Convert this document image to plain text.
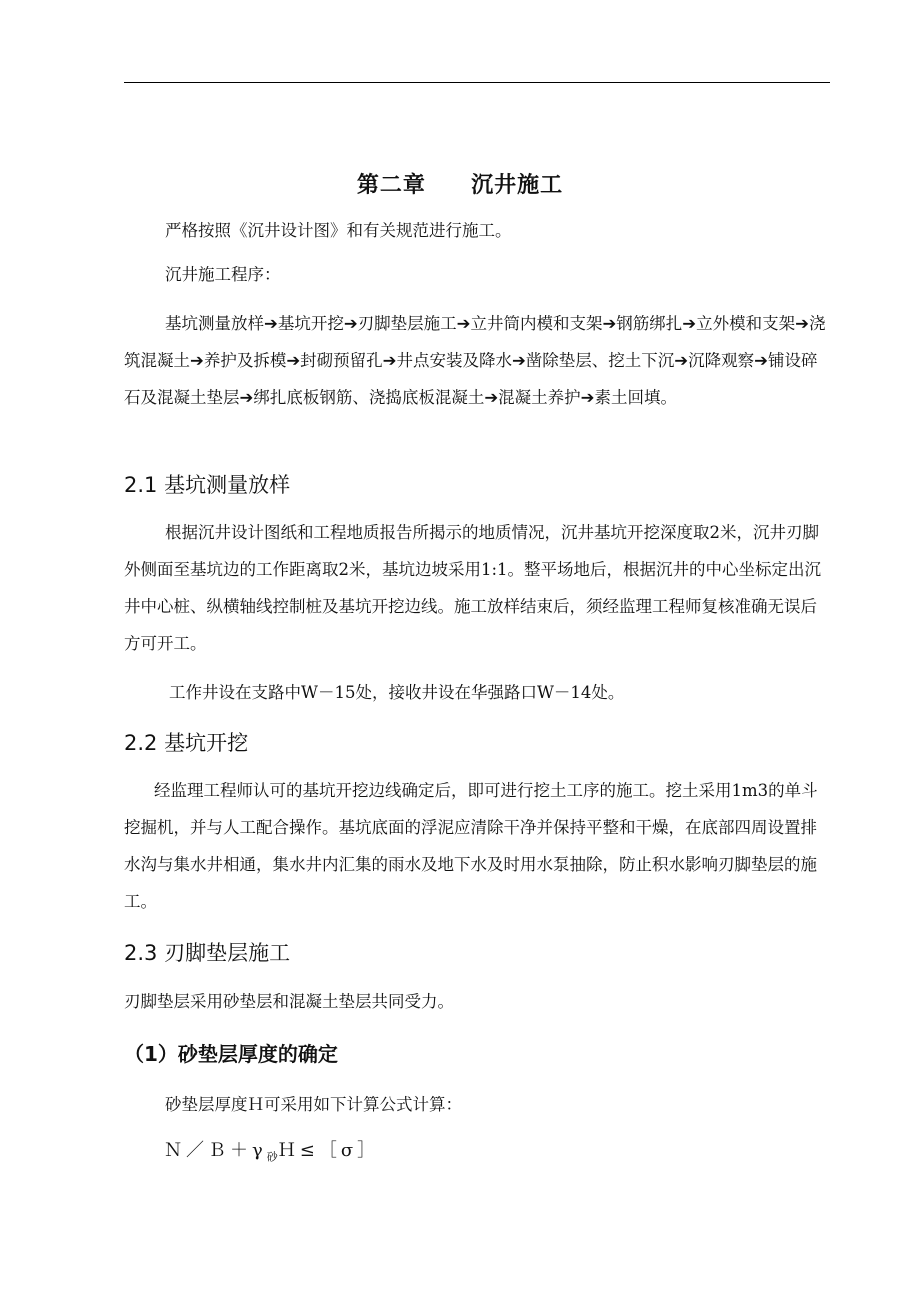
第二章  沉井施工

严格按照《沉井设计图》和有关规范进行施工。

沉井施工程序：

基坑测量放样➔基坑开挖➔刃脚垫层施工➔立井筒内模和支架➔钢筋绑扎➔立外模和支架➔浇筑混凝土➔养护及拆模➔封砌预留孔➔井点安装及降水➔凿除垫层、挖土下沉➔沉降观察➔铺设碎石及混凝土垫层➔绑扎底板钢筋、浇捣底板混凝土➔混凝土养护➔素土回填。

2.1 基坑测量放样

根据沉井设计图纸和工程地质报告所揭示的地质情况，沉井基坑开挖深度取2米，沉井刃脚外侧面至基坑边的工作距离取2米，基坑边坡采用1:1。整平场地后，根据沉井的中心坐标定出沉井中心桩、纵横轴线控制桩及基坑开挖边线。施工放样结束后，须经监理工程师复核准确无误后方可开工。

工作井设在支路中W－15处，接收井设在华强路口W－14处。

2.2 基坑开挖

经监理工程师认可的基坑开挖边线确定后，即可进行挖土工序的施工。挖土采用1m3的单斗挖掘机，并与人工配合操作。基坑底面的浮泥应清除干净并保持平整和干燥，在底部四周设置排水沟与集水井相通，集水井内汇集的雨水及地下水及时用水泵抽除，防止积水影响刃脚垫层的施工。

2.3 刃脚垫层施工

刃脚垫层采用砂垫层和混凝土垫层共同受力。

（1）砂垫层厚度的确定

砂垫层厚度Ｈ可采用如下计算公式计算：

$N/B+\gamma_砂H\le[\sigma]$
